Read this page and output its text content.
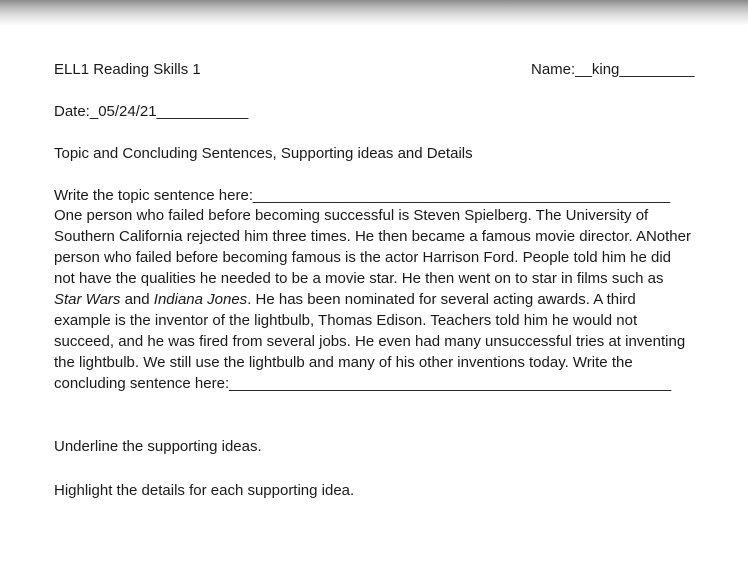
ELL1 Reading Skills 1	Name:__king_________
Date:_05/24/21___________
Topic and Concluding Sentences, Supporting ideas and Details
Write the topic sentence here:__________________________________________________
One person who failed before becoming successful is Steven Spielberg. The University of
Southern California rejected him three times. He then became a famous movie director. ANother
person who failed before becoming famous is the actor Harrison Ford. People told him he did
not have the qualities he needed to be a movie star. He then went on to star in films such as
Star Wars and Indiana Jones. He has been nominated for several acting awards. A third
example is the inventor of the lightbulb, Thomas Edison. Teachers told him he would not
succeed, and he was fired from several jobs. He even had many unsuccessful tries at inventing
the lightbulb. We still use the lightbulb and many of his other inventions today. Write the
concluding sentence here:_____________________________________________________
Underline the supporting ideas.
Highlight the details for each supporting idea.
